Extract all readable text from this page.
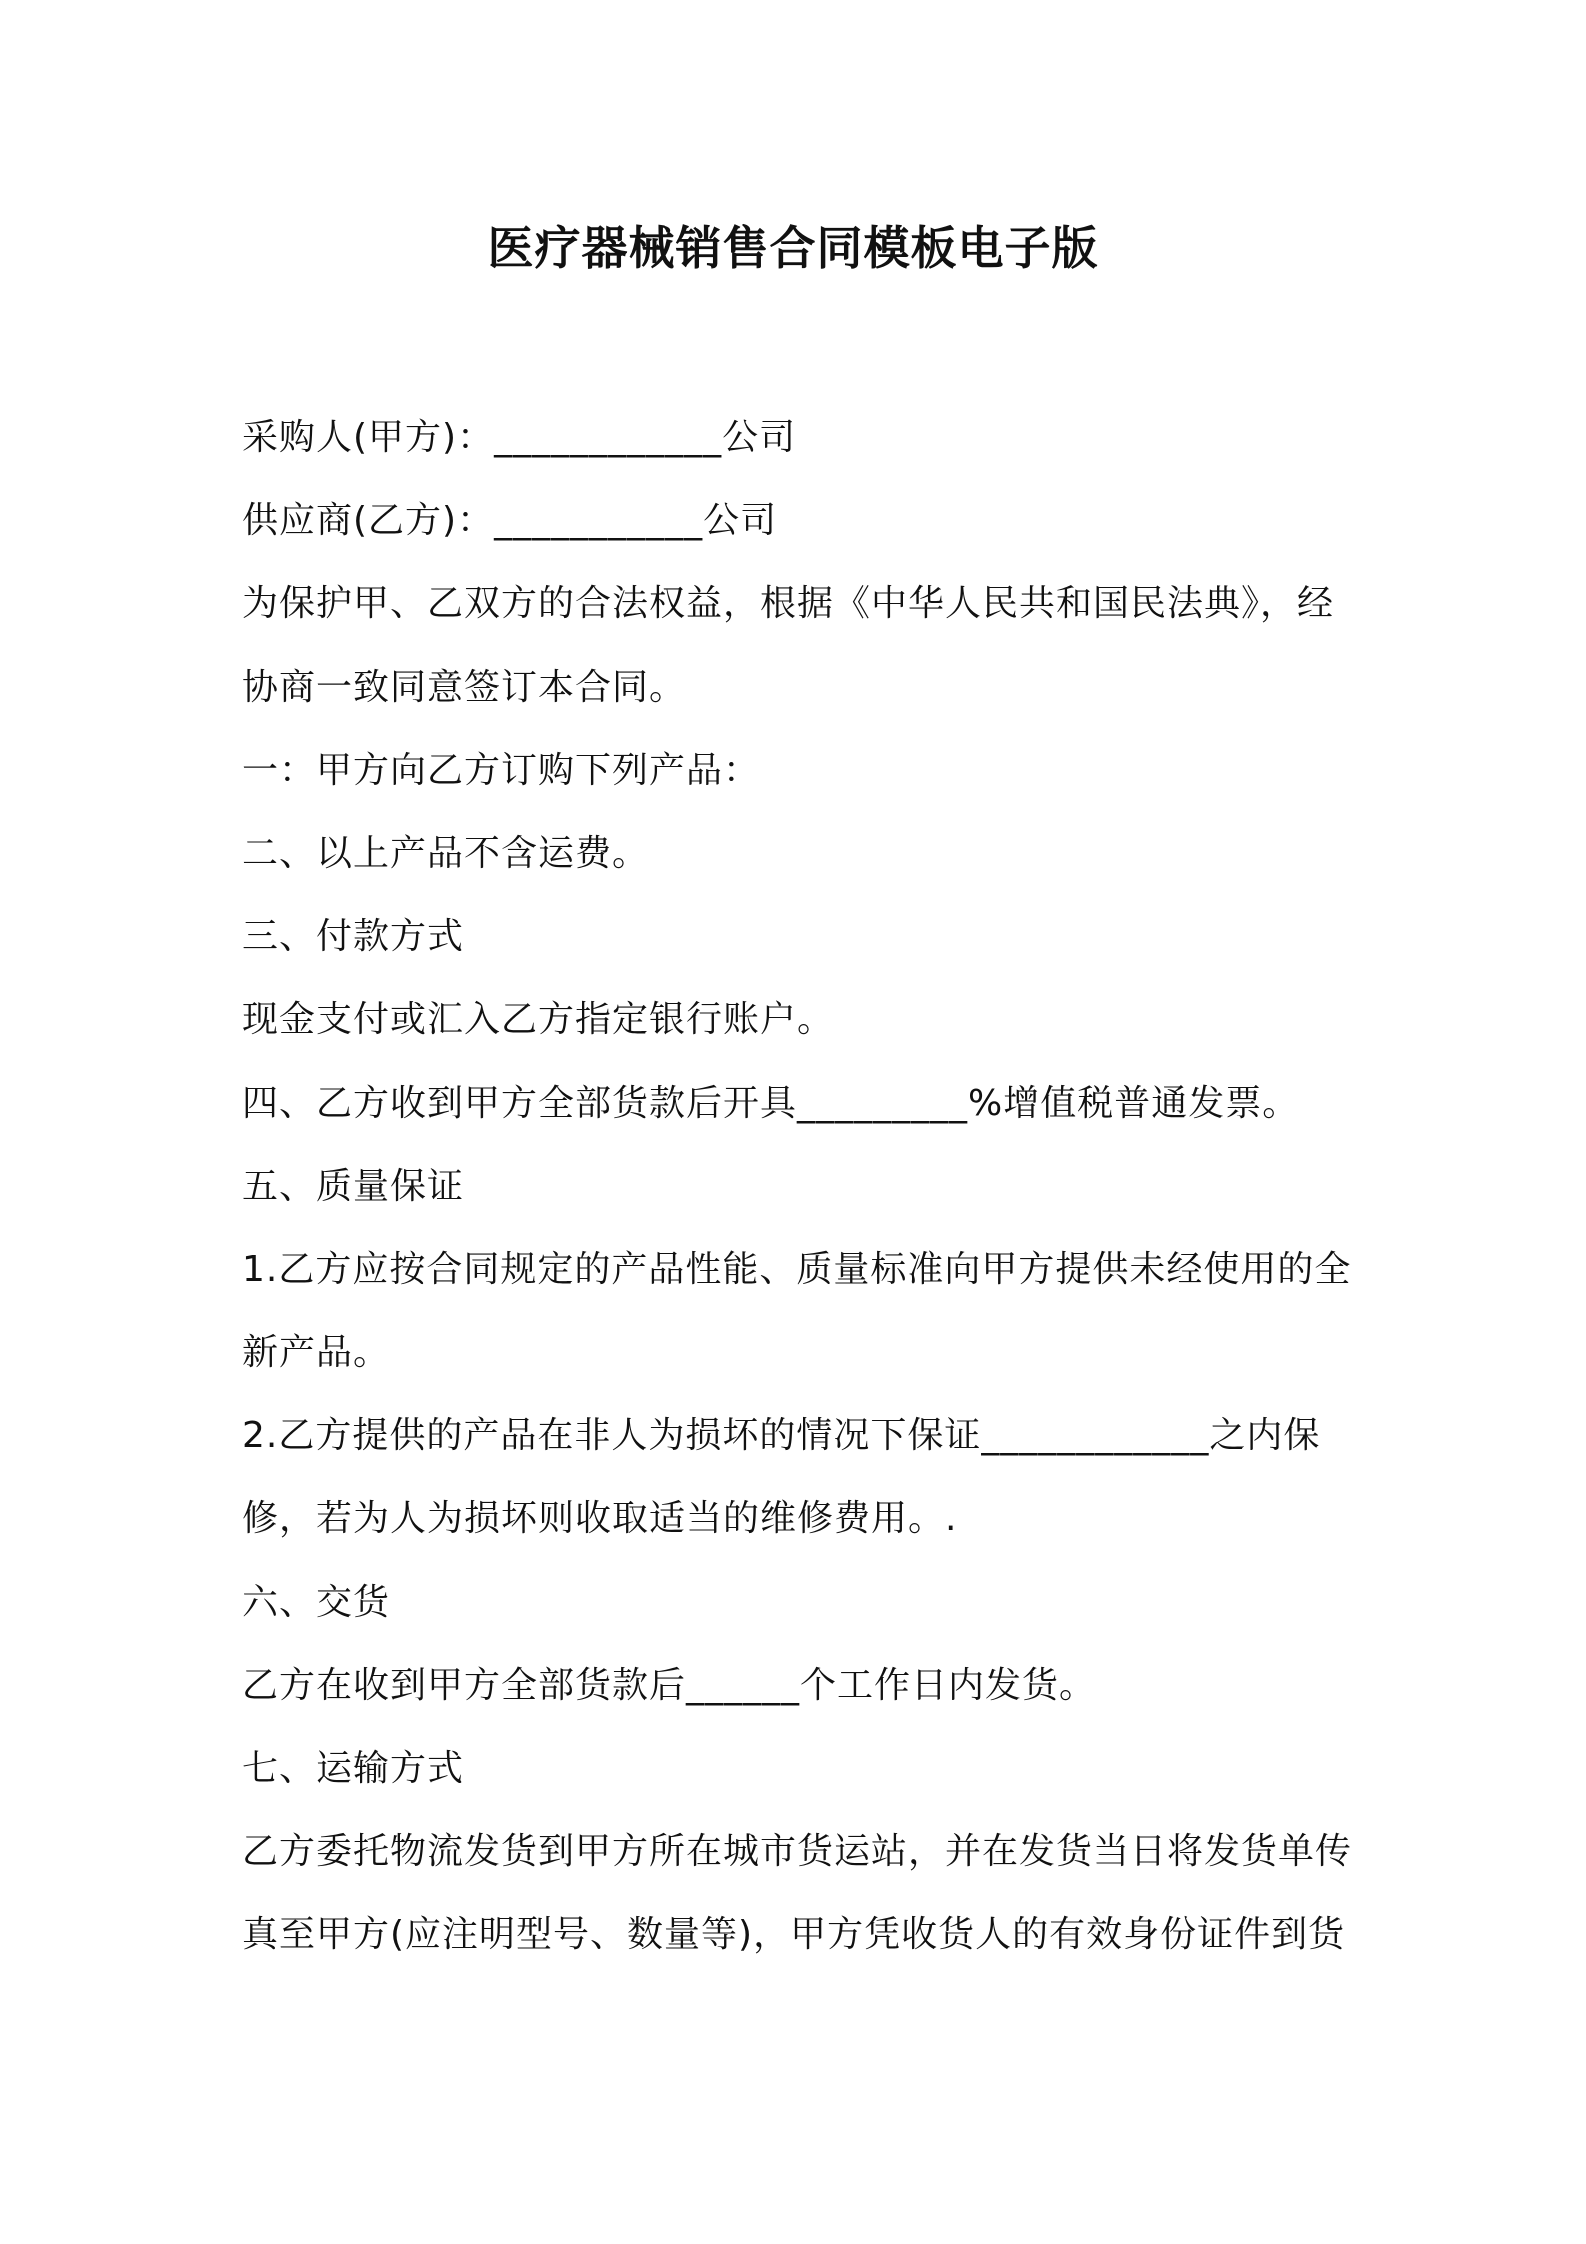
医疗器械销售合同模板电子版
采购人(甲方)：____________公司
供应商(乙方)：___________公司
为保护甲、乙双方的合法权益，根据《中华人民共和国民法典》，经
协商一致同意签订本合同。
一：甲方向乙方订购下列产品：
二、以上产品不含运费。
三、付款方式
现金支付或汇入乙方指定银行账户。
四、乙方收到甲方全部货款后开具_________%增值税普通发票。
五、质量保证
1.乙方应按合同规定的产品性能、质量标准向甲方提供未经使用的全
新产品。
2.乙方提供的产品在非人为损坏的情况下保证____________之内保
修，若为人为损坏则收取适当的维修费用。.
六、交货
乙方在收到甲方全部货款后______个工作日内发货。
七、运输方式
乙方委托物流发货到甲方所在城市货运站，并在发货当日将发货单传
真至甲方(应注明型号、数量等)，甲方凭收货人的有效身份证件到货
